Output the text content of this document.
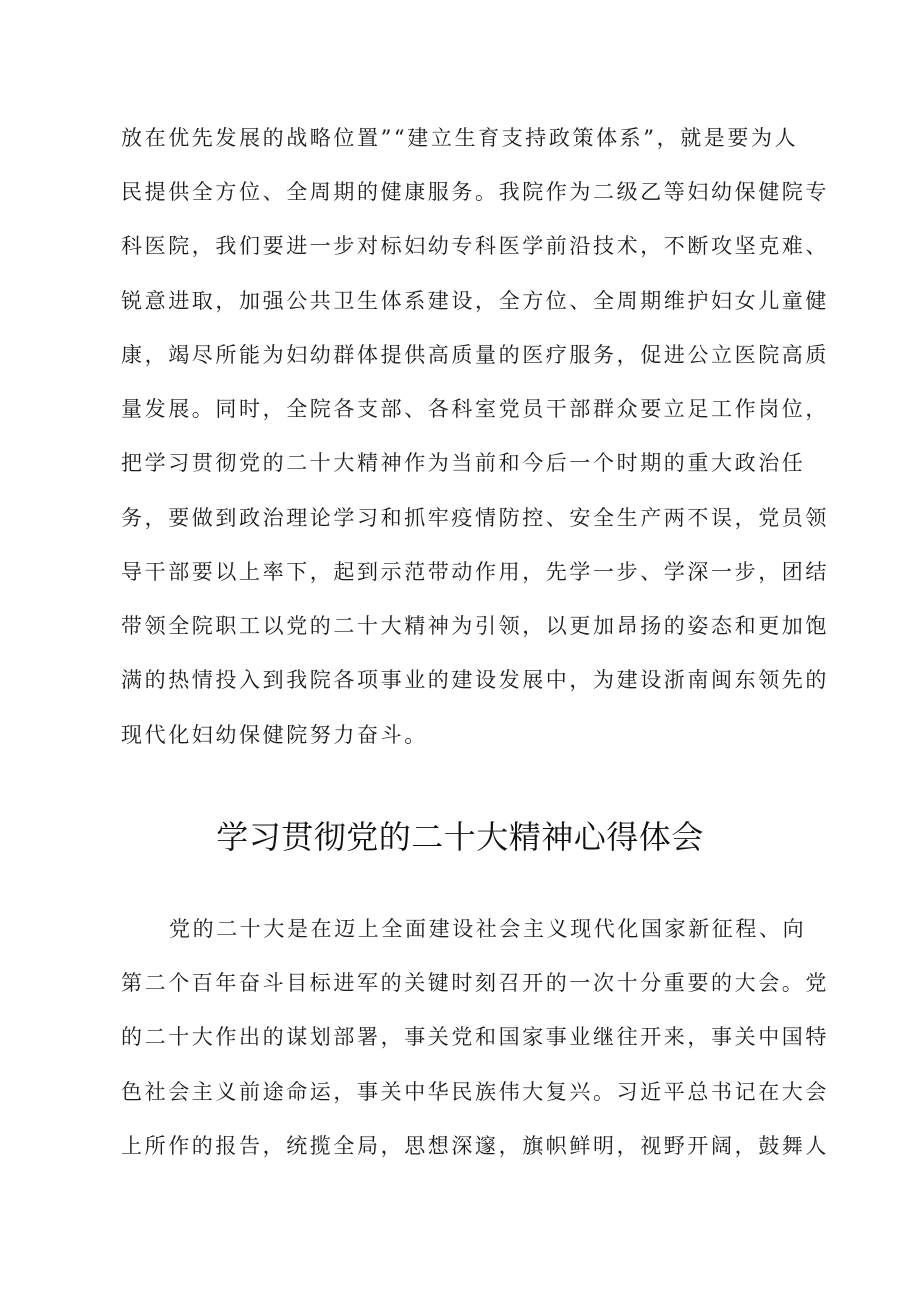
放在优先发展的战略位置”“建立生育支持政策体系”，就是要为人
民提供全方位、全周期的健康服务。我院作为二级乙等妇幼保健院专
科医院，我们要进一步对标妇幼专科医学前沿技术，不断攻坚克难、
锐意进取，加强公共卫生体系建设，全方位、全周期维护妇女儿童健
康，竭尽所能为妇幼群体提供高质量的医疗服务，促进公立医院高质
量发展。同时，全院各支部、各科室党员干部群众要立足工作岗位，
把学习贯彻党的二十大精神作为当前和今后一个时期的重大政治任
务，要做到政治理论学习和抓牢疫情防控、安全生产两不误，党员领
导干部要以上率下，起到示范带动作用，先学一步、学深一步，团结
带领全院职工以党的二十大精神为引领，以更加昂扬的姿态和更加饱
满的热情投入到我院各项事业的建设发展中，为建设浙南闽东领先的
现代化妇幼保健院努力奋斗。
学习贯彻党的二十大精神心得体会
党的二十大是在迈上全面建设社会主义现代化国家新征程、向
第二个百年奋斗目标进军的关键时刻召开的一次十分重要的大会。党
的二十大作出的谋划部署，事关党和国家事业继往开来，事关中国特
色社会主义前途命运，事关中华民族伟大复兴。习近平总书记在大会
上所作的报告，统揽全局，思想深邃，旗帜鲜明，视野开阔，鼓舞人
